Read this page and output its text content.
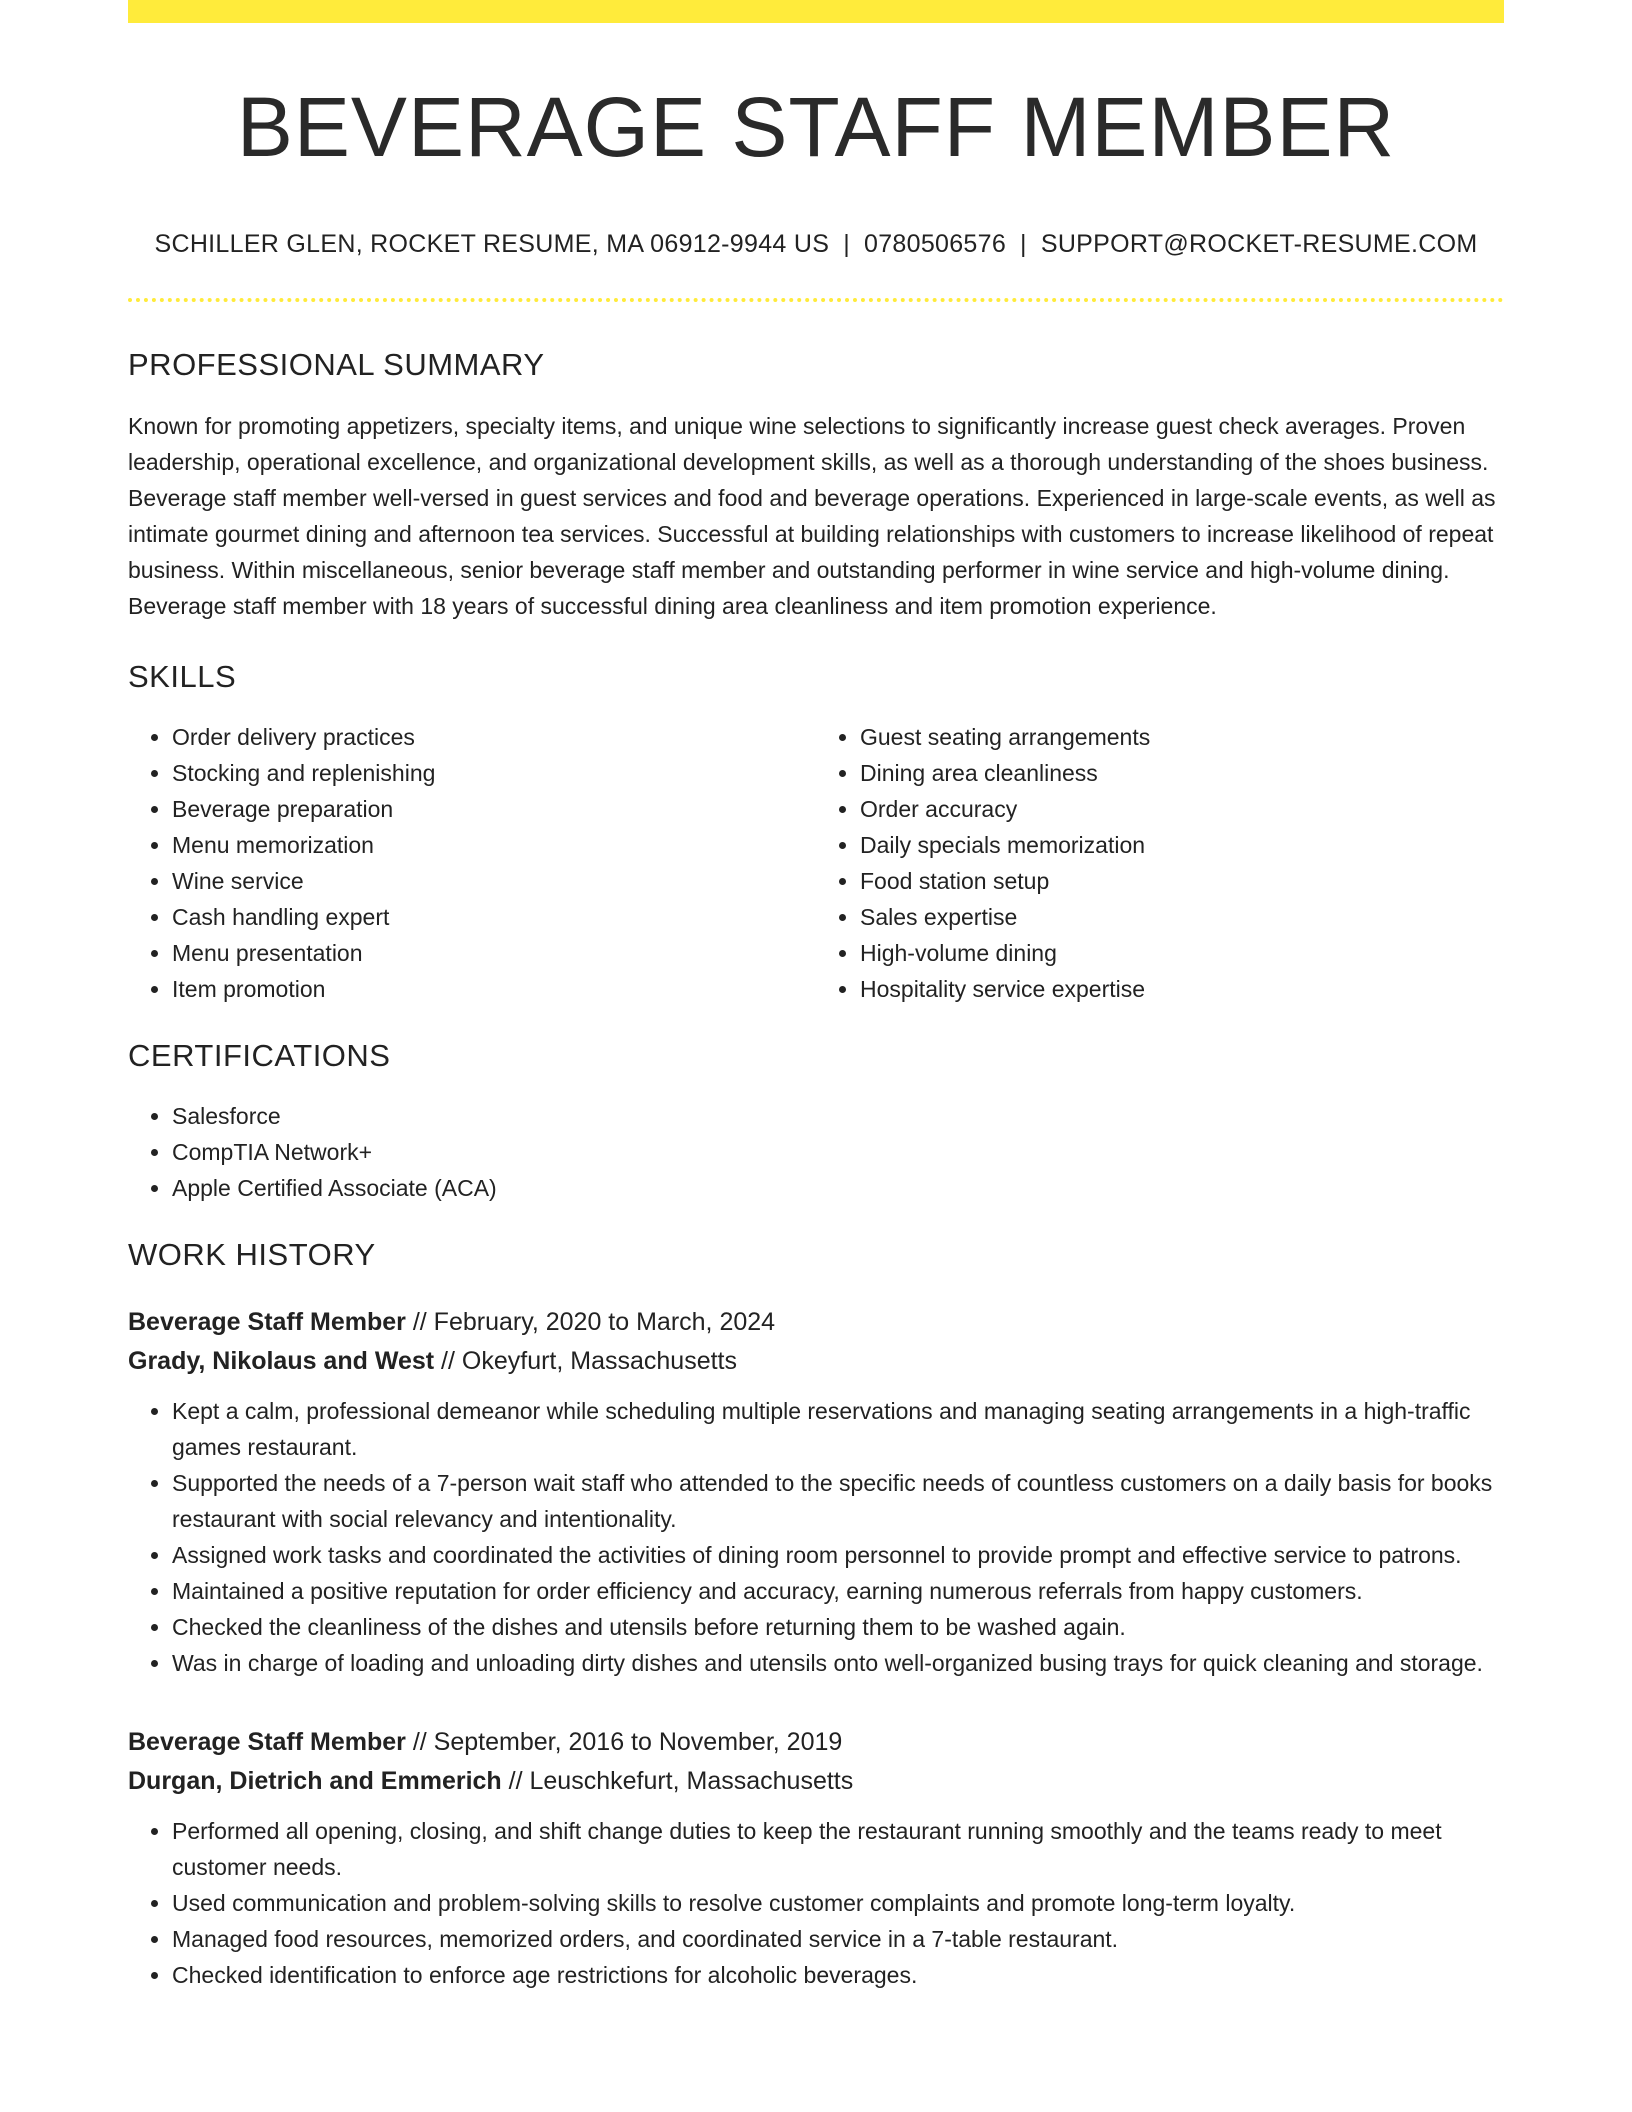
BEVERAGE STAFF MEMBER
SCHILLER GLEN, ROCKET RESUME, MA 06912-9944 US | 0780506576 | SUPPORT@ROCKET-RESUME.COM
PROFESSIONAL SUMMARY
Known for promoting appetizers, specialty items, and unique wine selections to significantly increase guest check averages. Proven leadership, operational excellence, and organizational development skills, as well as a thorough understanding of the shoes business. Beverage staff member well-versed in guest services and food and beverage operations. Experienced in large-scale events, as well as intimate gourmet dining and afternoon tea services. Successful at building relationships with customers to increase likelihood of repeat business. Within miscellaneous, senior beverage staff member and outstanding performer in wine service and high-volume dining. Beverage staff member with 18 years of successful dining area cleanliness and item promotion experience.
SKILLS
• Order delivery practices
• Stocking and replenishing
• Beverage preparation
• Menu memorization
• Wine service
• Cash handling expert
• Menu presentation
• Item promotion
• Guest seating arrangements
• Dining area cleanliness
• Order accuracy
• Daily specials memorization
• Food station setup
• Sales expertise
• High-volume dining
• Hospitality service expertise
CERTIFICATIONS
• Salesforce
• CompTIA Network+
• Apple Certified Associate (ACA)
WORK HISTORY
Beverage Staff Member // February, 2020 to March, 2024
Grady, Nikolaus and West // Okeyfurt, Massachusetts
• Kept a calm, professional demeanor while scheduling multiple reservations and managing seating arrangements in a high-traffic games restaurant.
• Supported the needs of a 7-person wait staff who attended to the specific needs of countless customers on a daily basis for books restaurant with social relevancy and intentionality.
• Assigned work tasks and coordinated the activities of dining room personnel to provide prompt and effective service to patrons.
• Maintained a positive reputation for order efficiency and accuracy, earning numerous referrals from happy customers.
• Checked the cleanliness of the dishes and utensils before returning them to be washed again.
• Was in charge of loading and unloading dirty dishes and utensils onto well-organized busing trays for quick cleaning and storage.
Beverage Staff Member // September, 2016 to November, 2019
Durgan, Dietrich and Emmerich // Leuschkefurt, Massachusetts
• Performed all opening, closing, and shift change duties to keep the restaurant running smoothly and the teams ready to meet customer needs.
• Used communication and problem-solving skills to resolve customer complaints and promote long-term loyalty.
• Managed food resources, memorized orders, and coordinated service in a 7-table restaurant.
• Checked identification to enforce age restrictions for alcoholic beverages.
